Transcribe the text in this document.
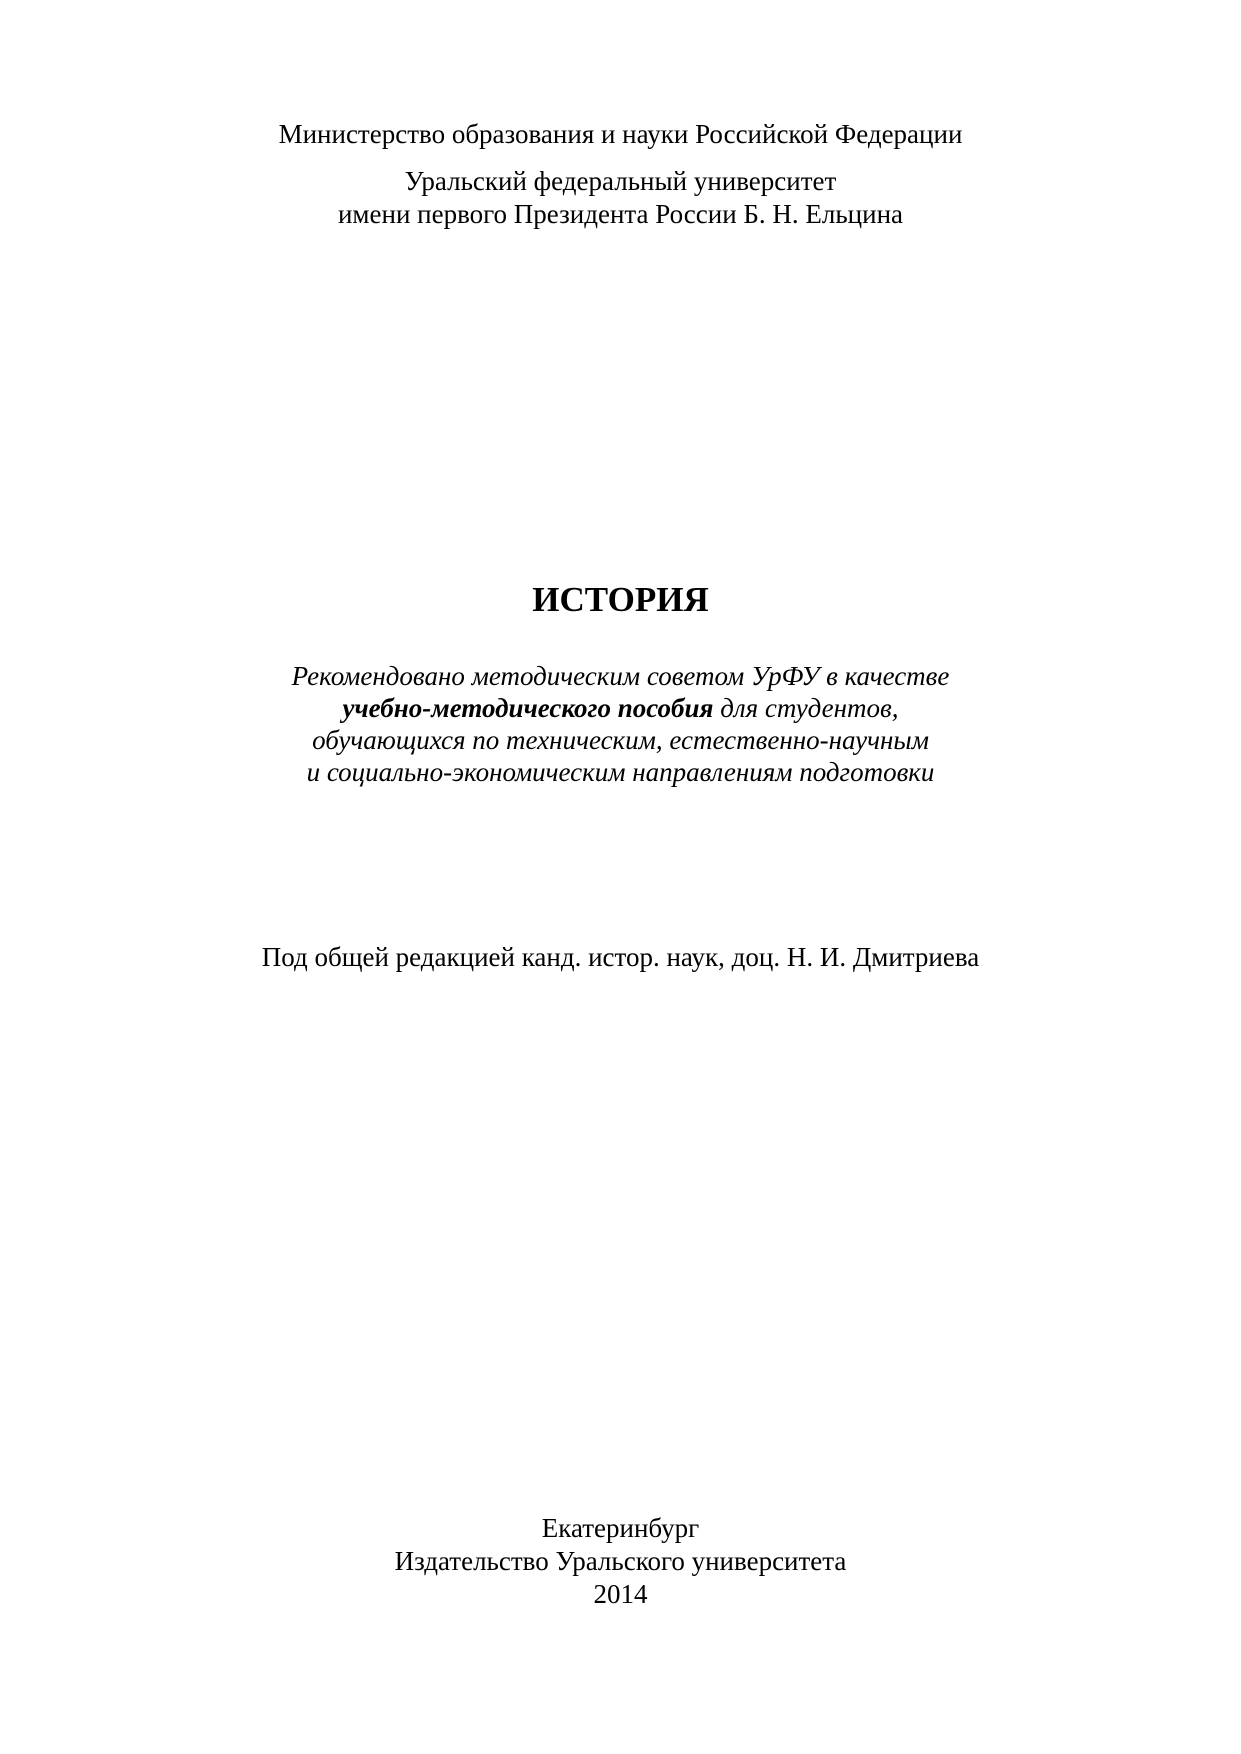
Министерство образования и науки Российской Федерации
Уральский федеральный университет
имени первого Президента России Б. Н. Ельцина
ИСТОРИЯ
Рекомендовано методическим советом УрФУ в качестве
учебно-методического пособия для студентов,
обучающихся по техническим, естественно-научным
и социально-экономическим направлениям подготовки
Под общей редакцией канд. истор. наук, доц. Н. И. Дмитриева
Екатеринбург
Издательство Уральского университета
2014
